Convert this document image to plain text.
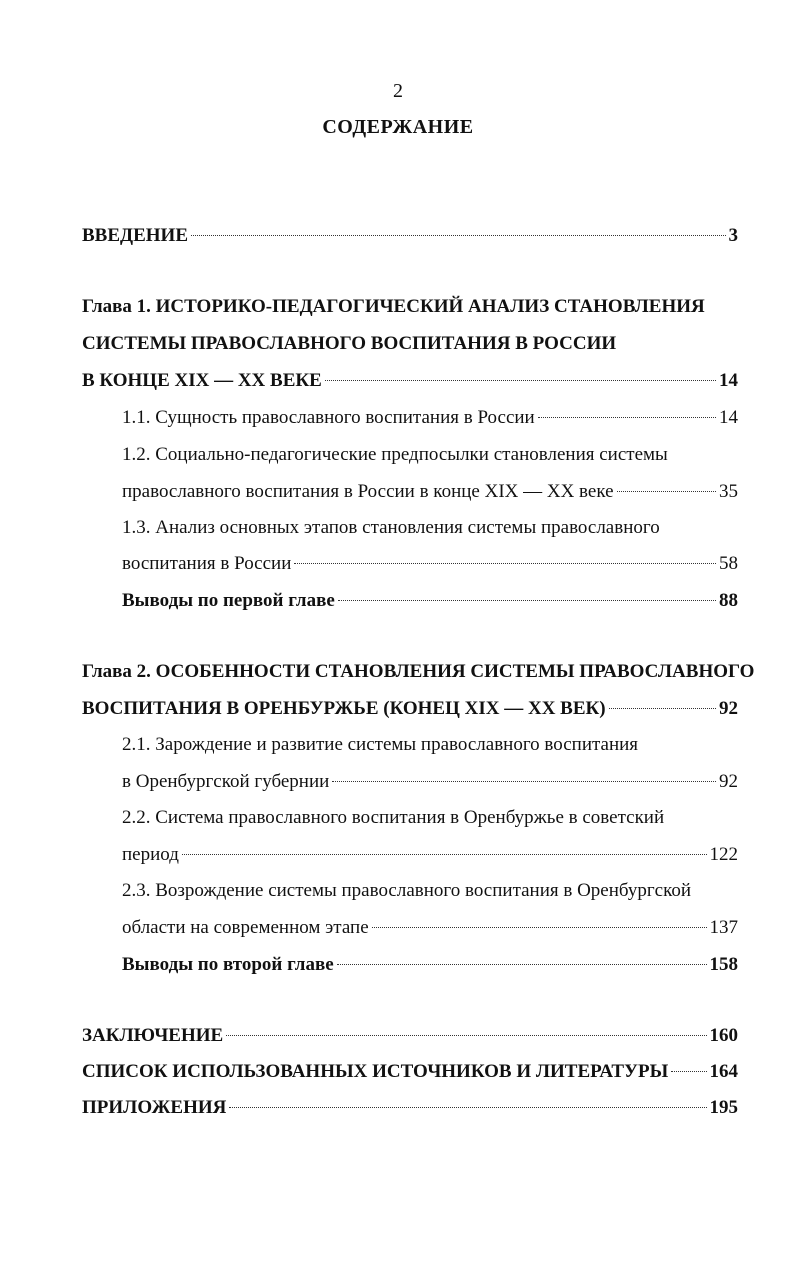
2
СОДЕРЖАНИЕ
ВВЕДЕНИЕ	3
Глава 1. ИСТОРИКО-ПЕДАГОГИЧЕСКИЙ АНАЛИЗ СТАНОВЛЕНИЯ
СИСТЕМЫ ПРАВОСЛАВНОГО ВОСПИТАНИЯ В РОССИИ
В КОНЦЕ XIX — XX ВЕКЕ	14
1.1. Сущность православного воспитания в России	14
1.2. Социально-педагогические предпосылки становления системы
православного воспитания в России в конце XIX — XX веке	35
1.3. Анализ основных этапов становления системы православного
воспитания в России	58
Выводы по первой главе	88
Глава 2. ОСОБЕННОСТИ СТАНОВЛЕНИЯ СИСТЕМЫ ПРАВОСЛАВНОГО
ВОСПИТАНИЯ В ОРЕНБУРЖЬЕ (КОНЕЦ XIX — XX ВЕК)	92
2.1. Зарождение и развитие системы православного воспитания
в Оренбургской губернии	92
2.2. Система православного воспитания в Оренбуржье в советский
период	122
2.3. Возрождение системы православного воспитания в Оренбургской
области на современном этапе	137
Выводы по второй главе	158
ЗАКЛЮЧЕНИЕ	160
СПИСОК ИСПОЛЬЗОВАННЫХ ИСТОЧНИКОВ И ЛИТЕРАТУРЫ 164
ПРИЛОЖЕНИЯ	195
